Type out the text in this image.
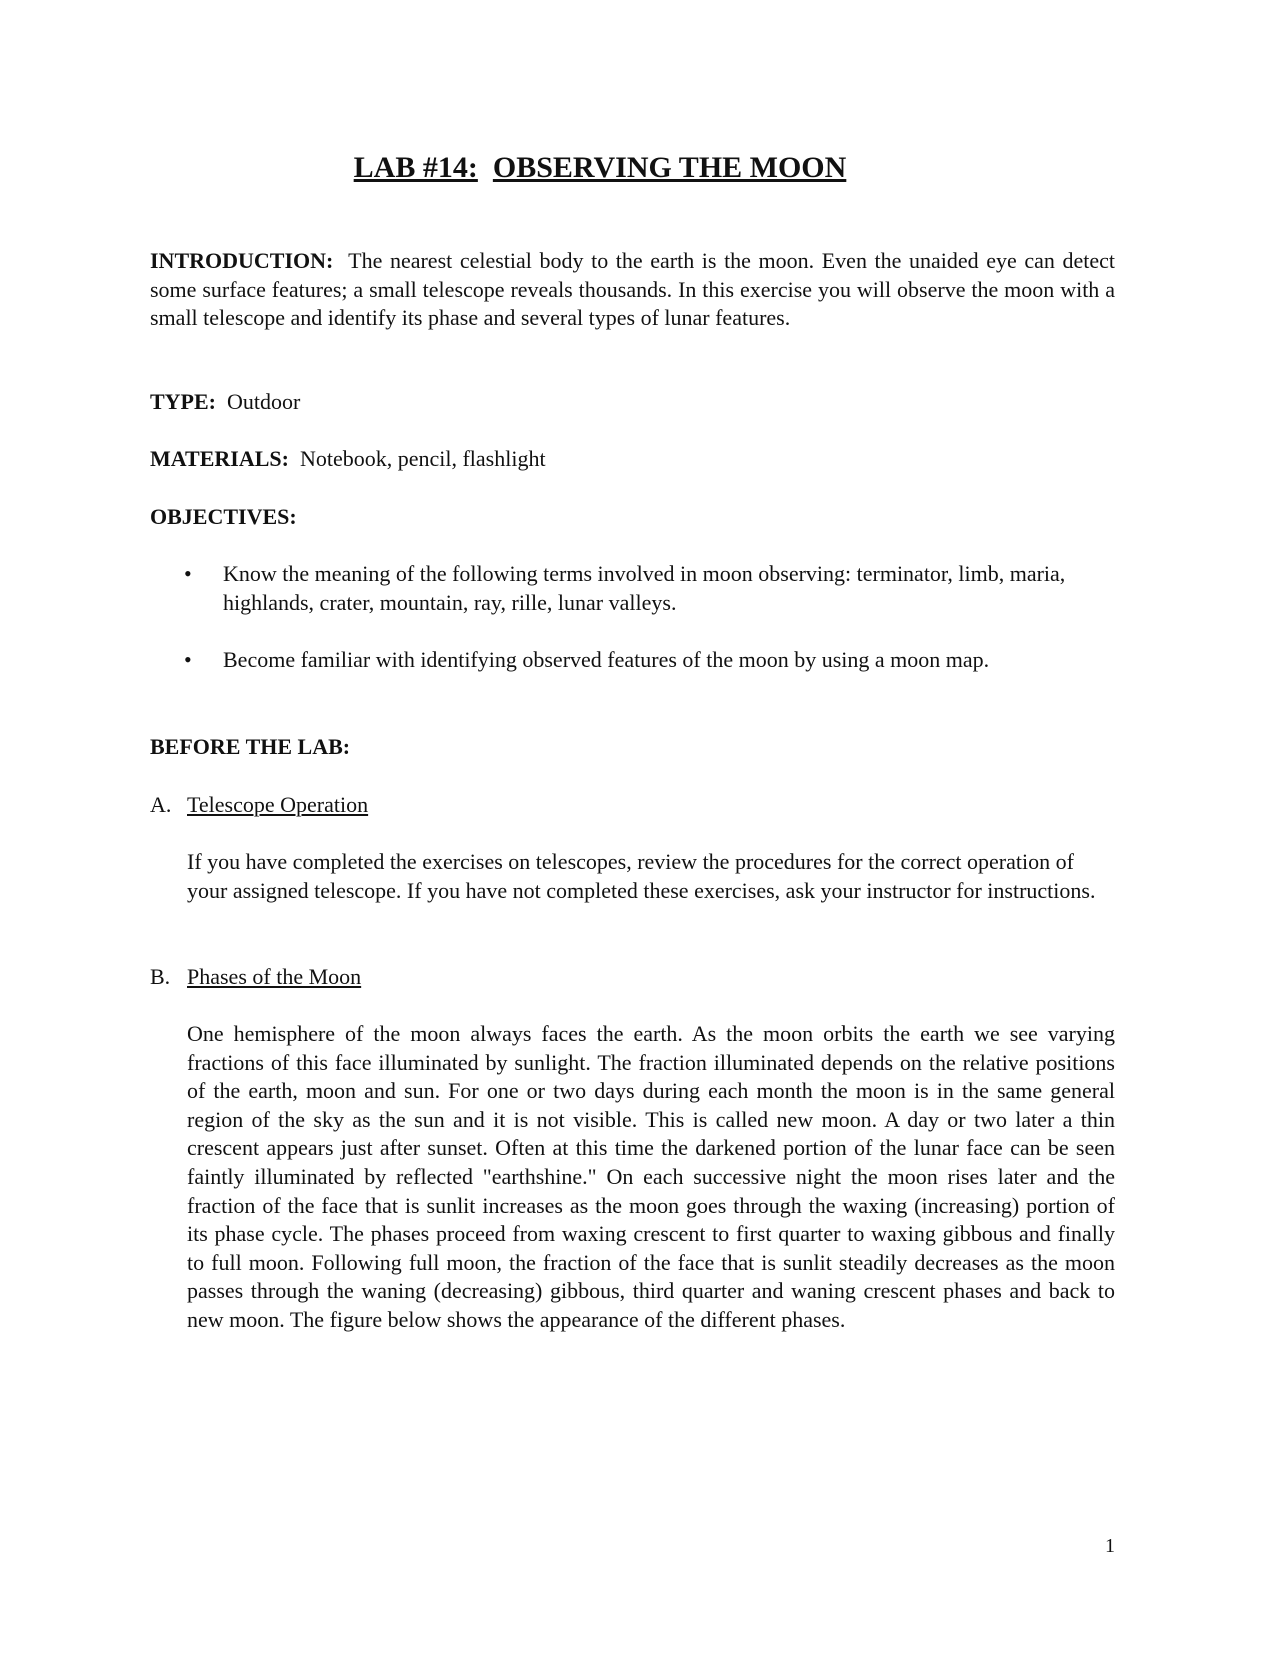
LAB #14: OBSERVING THE MOON

INTRODUCTION: The nearest celestial body to the earth is the moon. Even the unaided eye can detect some surface features; a small telescope reveals thousands. In this exercise you will observe the moon with a small telescope and identify its phase and several types of lunar features.

TYPE: Outdoor

MATERIALS: Notebook, pencil, flashlight

OBJECTIVES:

• Know the meaning of the following terms involved in moon observing: terminator, limb, maria, highlands, crater, mountain, ray, rille, lunar valleys.
• Become familiar with identifying observed features of the moon by using a moon map.

BEFORE THE LAB:

A. Telescope Operation

If you have completed the exercises on telescopes, review the procedures for the correct operation of your assigned telescope. If you have not completed these exercises, ask your instructor for instructions.

B. Phases of the Moon

One hemisphere of the moon always faces the earth. As the moon orbits the earth we see varying fractions of this face illuminated by sunlight. The fraction illuminated depends on the relative positions of the earth, moon and sun. For one or two days during each month the moon is in the same general region of the sky as the sun and it is not visible. This is called new moon. A day or two later a thin crescent appears just after sunset. Often at this time the darkened portion of the lunar face can be seen faintly illuminated by reflected "earthshine." On each successive night the moon rises later and the fraction of the face that is sunlit increases as the moon goes through the waxing (increasing) portion of its phase cycle. The phases proceed from waxing crescent to first quarter to waxing gibbous and finally to full moon. Following full moon, the fraction of the face that is sunlit steadily decreases as the moon passes through the waning (decreasing) gibbous, third quarter and waning crescent phases and back to new moon. The figure below shows the appearance of the different phases.

1
